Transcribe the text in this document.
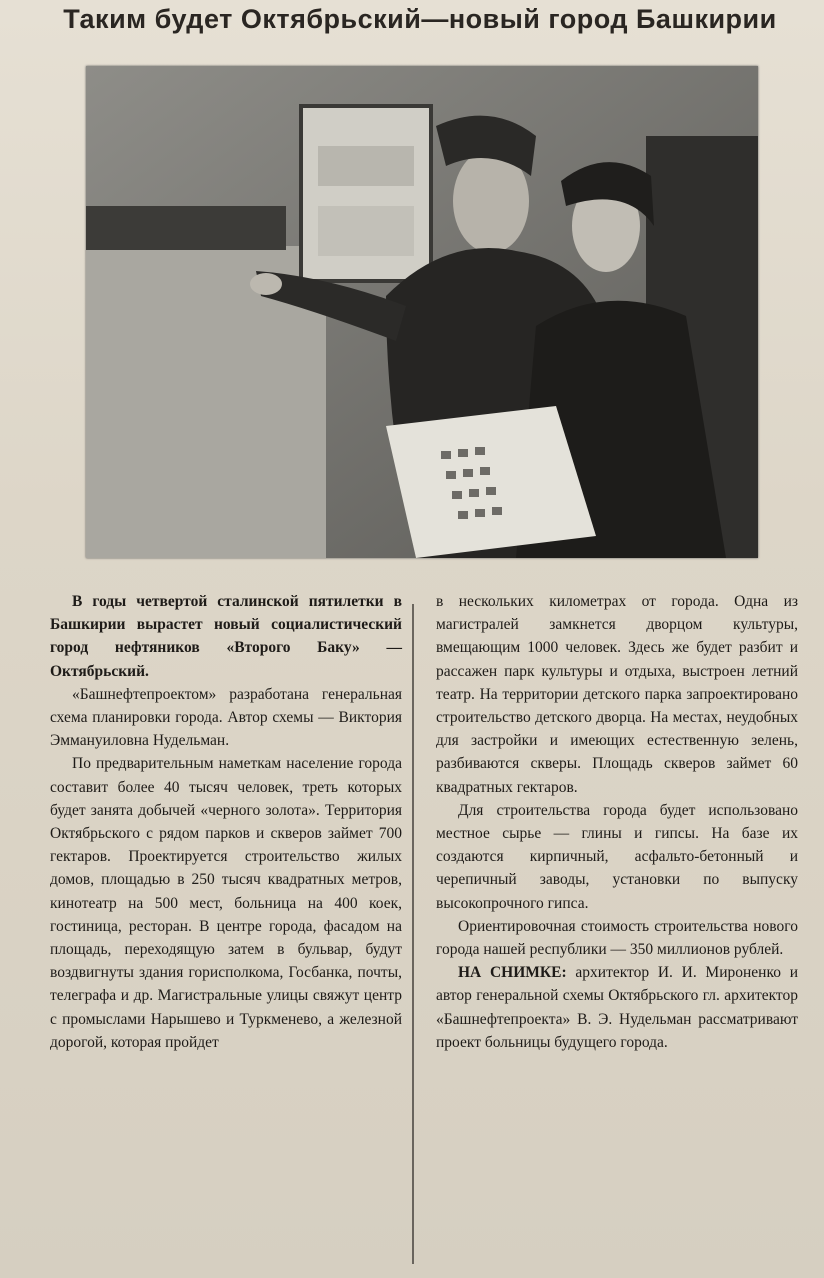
Таким будет Октябрьский—новый город Башкирии

В годы четвертой сталинской пятилетки в Башкирии вырастет новый социалистический город нефтяников «Второго Баку» — Октябрьский.

«Башнефтепроектом» разработана генеральная схема планировки города. Автор схемы — Виктория Эммануиловна Нудельман.

По предварительным наметкам население города составит более 40 тысяч человек, треть которых будет занята добычей «черного золота». Территория Октябрьского с рядом парков и скверов займет 700 гектаров. Проектируется строительство жилых домов, площадью в 250 тысяч квадратных метров, кинотеатр на 500 мест, больница на 400 коек, гостиница, ресторан. В центре города, фасадом на площадь, переходящую затем в бульвар, будут воздвигнуты здания горисполкома, Госбанка, почты, телеграфа и др. Магистральные улицы свяжут центр с промыслами Нарышево и Туркменево, а железной дорогой, которая пройдет

в нескольких километрах от города. Одна из магистралей замкнется дворцом культуры, вмещающим 1000 человек. Здесь же будет разбит и рассажен парк культуры и отдыха, выстроен летний театр. На территории детского парка запроектировано строительство детского дворца. На местах, неудобных для застройки и имеющих естественную зелень, разбиваются скверы. Площадь скверов займет 60 квадратных гектаров.

Для строительства города будет использовано местное сырье — глины и гипсы. На базе их создаются кирпичный, асфальто-бетонный и черепичный заводы, установки по выпуску высокопрочного гипса.

Ориентировочная стоимость строительства нового города нашей республики — 350 миллионов рублей.

НА СНИМКЕ: архитектор И. И. Мироненко и автор генеральной схемы Октябрьского гл. архитектор «Башнефтепроекта» В. Э. Нудельман рассматривают проект больницы будущего города.
